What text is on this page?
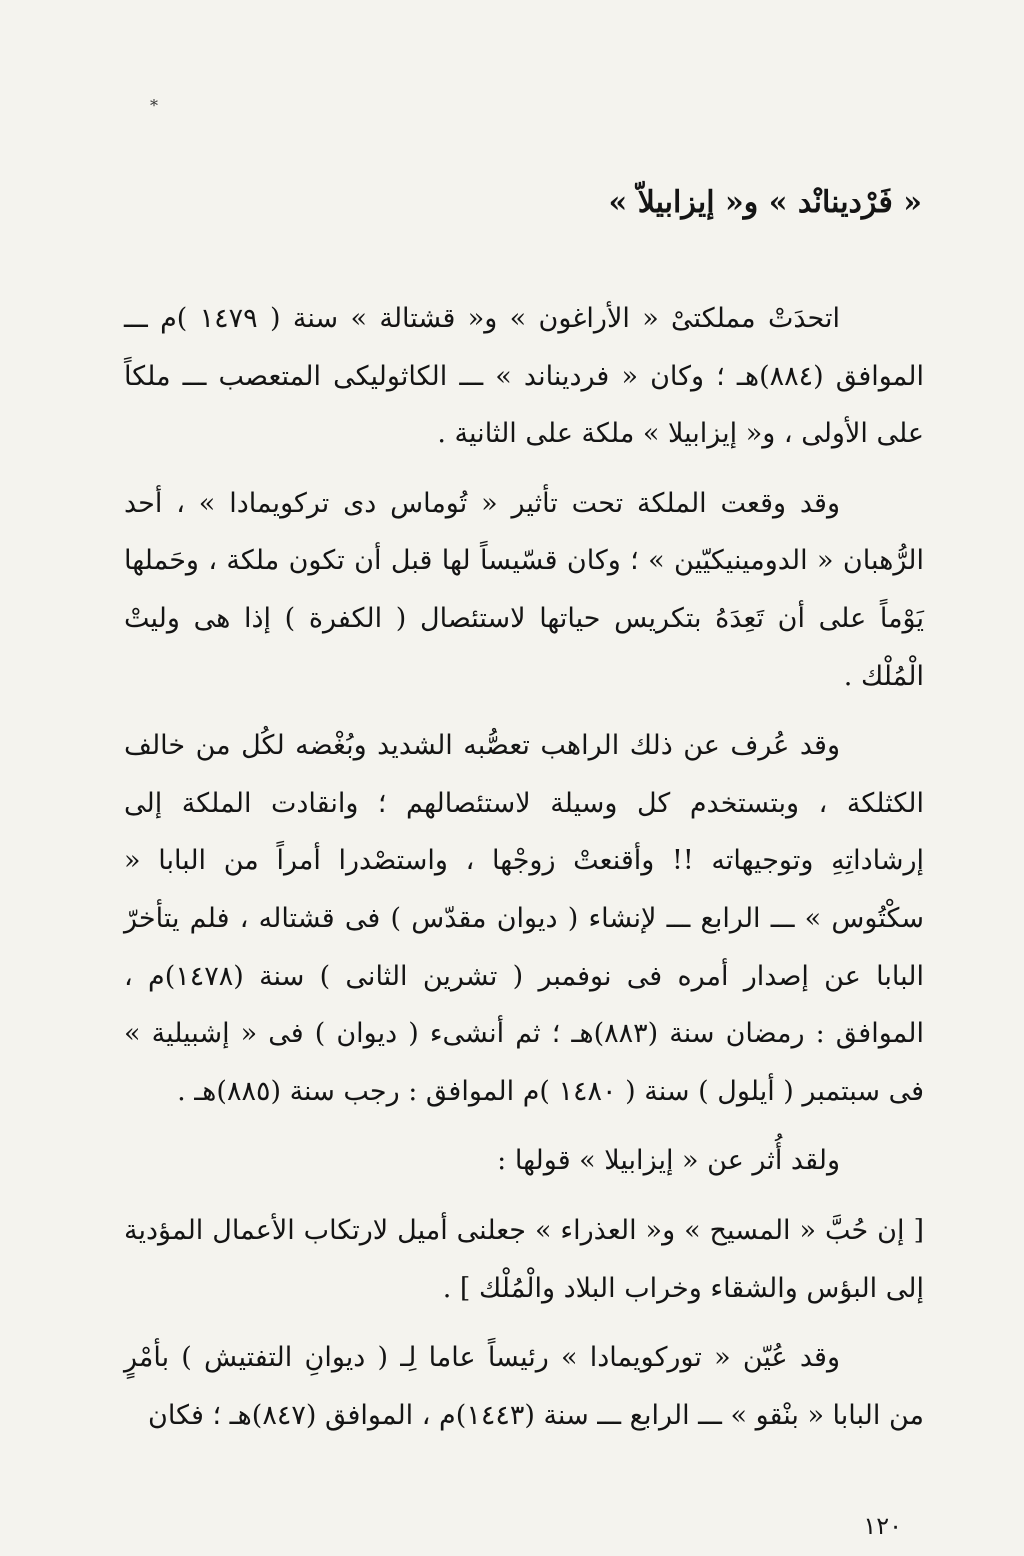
*
« فَرْدينانْد » و« إيزابيلاّ »

اتحدَتْ مملكتىْ « الأراغون » و« قشتالة » سنة ( ١٤٧٩ )م ـــ الموافق (٨٨٤)هـ ؛ وكان « فرديناند » ـــ الكاثوليكى المتعصب ـــ ملكاً على الأولى ، و« إيزابيلا » ملكة على الثانية .

وقد وقعت الملكة تحت تأثير « تُوماس دى تركويمادا » ، أحد الرُّهبان « الدومينيكيّين » ؛ وكان قسّيساً لها قبل أن تكون ملكة ، وحَملها يَوْماً على أن تَعِدَهُ بتكريس حياتها لاستئصال ( الكفرة ) إذا هى وليتْ الْمُلْك .

وقد عُرف عن ذلك الراهب تعصُّبه الشديد وبُغْضه لكُل من خالف الكثلكة ، وبتستخدم كل وسيلة لاستئصالهم ؛ وانقادت الملكة إلى إرشاداتِهِ وتوجيهاته !! وأقنعتْ زوجْها ، واستصْدرا أمراً من البابا « سكْتُوس » ـــ الرابع ـــ لإنشاء ( ديوان مقدّس ) فى قشتاله ، فلم يتأخرّ البابا عن إصدار أمره فى نوفمبر ( تشرين الثانى ) سنة (١٤٧٨)م ، الموافق : رمضان سنة (٨٨٣)هـ ؛ ثم أنشىء ( ديوان ) فى « إشبيلية » فى سبتمبر ( أيلول ) سنة ( ١٤٨٠ )م الموافق : رجب سنة (٨٨٥)هـ .

ولقد أُثر عن « إيزابيلا » قولها :

[ إن حُبَّ « المسيح » و« العذراء » جعلنى أميل لارتكاب الأعمال المؤدية إلى البؤس والشقاء وخراب البلاد والْمُلْك ] .

وقد عُيّن « توركويمادا » رئيساً عاما لِـ ( ديوانِ التفتيش ) بأمْرٍ من البابا « بنْقو » ـــ الرابع ـــ سنة (١٤٤٣)م ، الموافق (٨٤٧)هـ ؛ فكان

١٢٠
